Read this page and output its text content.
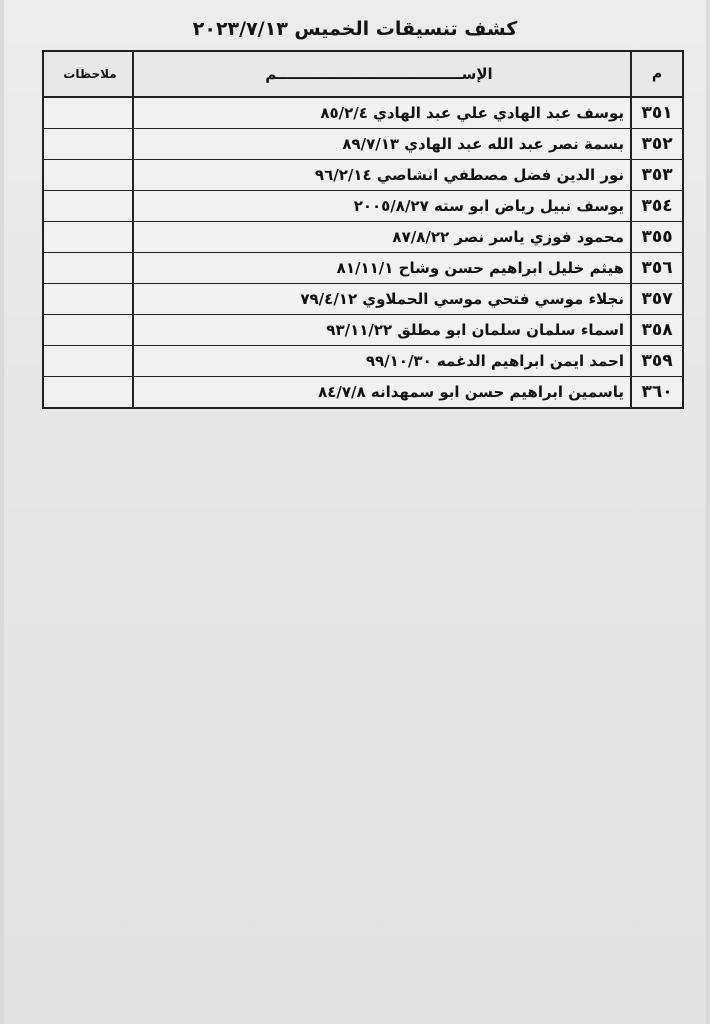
كشف تنسيقات الخميس ٢٠٢٣/٧/١٣
م
الإســــــــــــــــــــــــــــــــــــم
ملاحظات
٣٥١
يوسف عبد الهادي علي عبد الهادي ٨٥/٢/٤
٣٥٢
بسمة نصر عبد الله عبد الهادي ٨٩/٧/١٣
٣٥٣
نور الدين فضل مصطفي انشاصي ٩٦/٢/١٤
٣٥٤
يوسف نبيل رياض ابو سته ٢٠٠٥/٨/٢٧
٣٥٥
محمود فوزي ياسر نصر ٨٧/٨/٢٢
٣٥٦
هيثم خليل ابراهيم حسن وشاح ٨١/١١/١
٣٥٧
نجلاء موسي فتحي موسي الحملاوي ٧٩/٤/١٢
٣٥٨
اسماء سلمان سلمان ابو مطلق ٩٣/١١/٢٢
٣٥٩
احمد ايمن ابراهيم الدغمه ٩٩/١٠/٣٠
٣٦٠
ياسمين ابراهيم حسن ابو سمهدانه ٨٤/٧/٨
